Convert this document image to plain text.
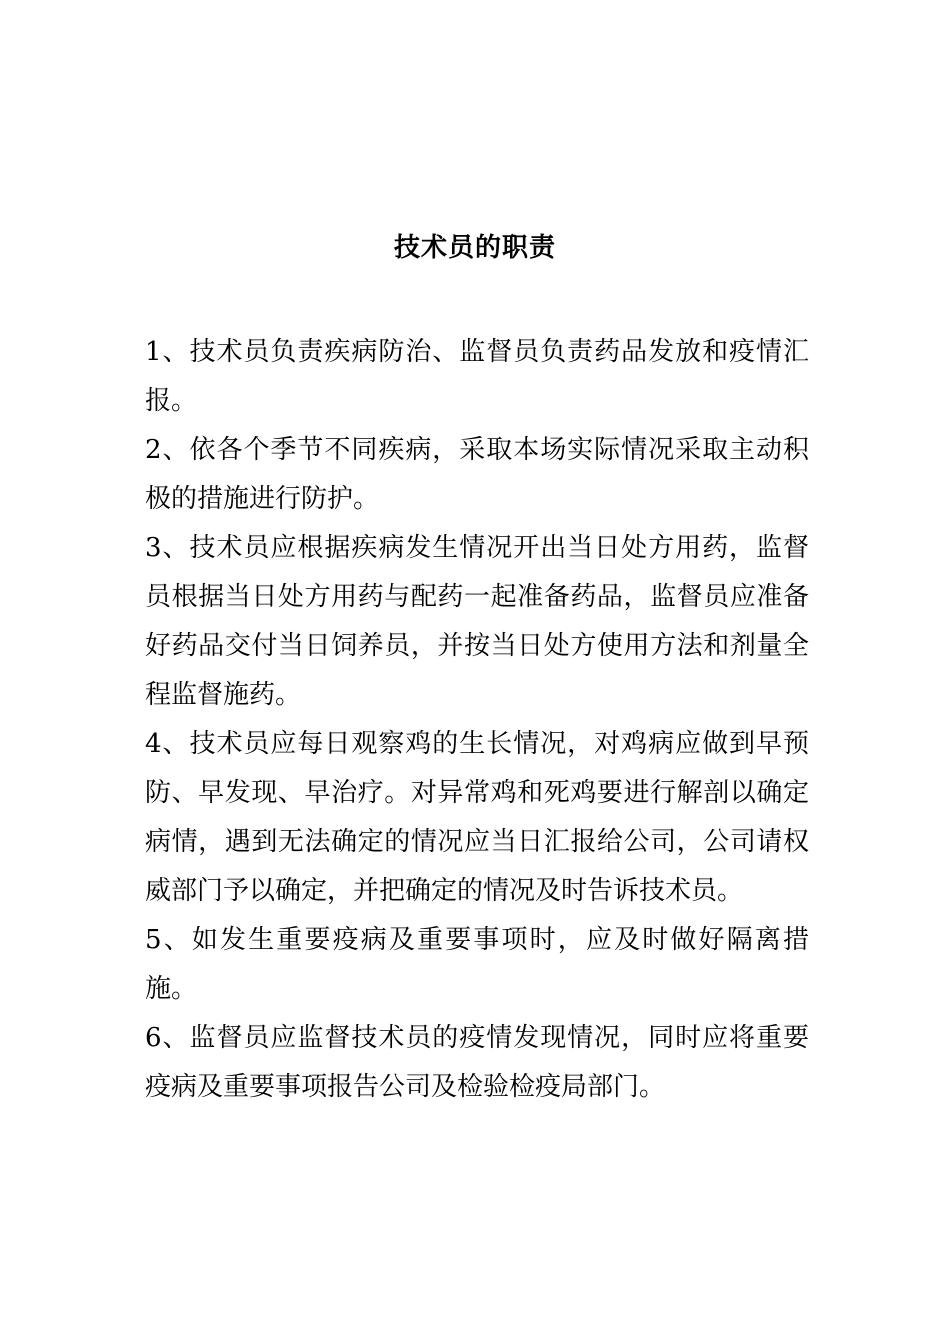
技术员的职责

1、技术员负责疾病防治、监督员负责药品发放和疫情汇报。

2、依各个季节不同疾病，采取本场实际情况采取主动积极的措施进行防护。

3、技术员应根据疾病发生情况开出当日处方用药，监督员根据当日处方用药与配药一起准备药品，监督员应准备好药品交付当日饲养员，并按当日处方使用方法和剂量全程监督施药。

4、技术员应每日观察鸡的生长情况，对鸡病应做到早预防、早发现、早治疗。对异常鸡和死鸡要进行解剖以确定病情，遇到无法确定的情况应当日汇报给公司，公司请权威部门予以确定，并把确定的情况及时告诉技术员。

5、如发生重要疫病及重要事项时，应及时做好隔离措施。

6、监督员应监督技术员的疫情发现情况，同时应将重要疫病及重要事项报告公司及检验检疫局部门。
